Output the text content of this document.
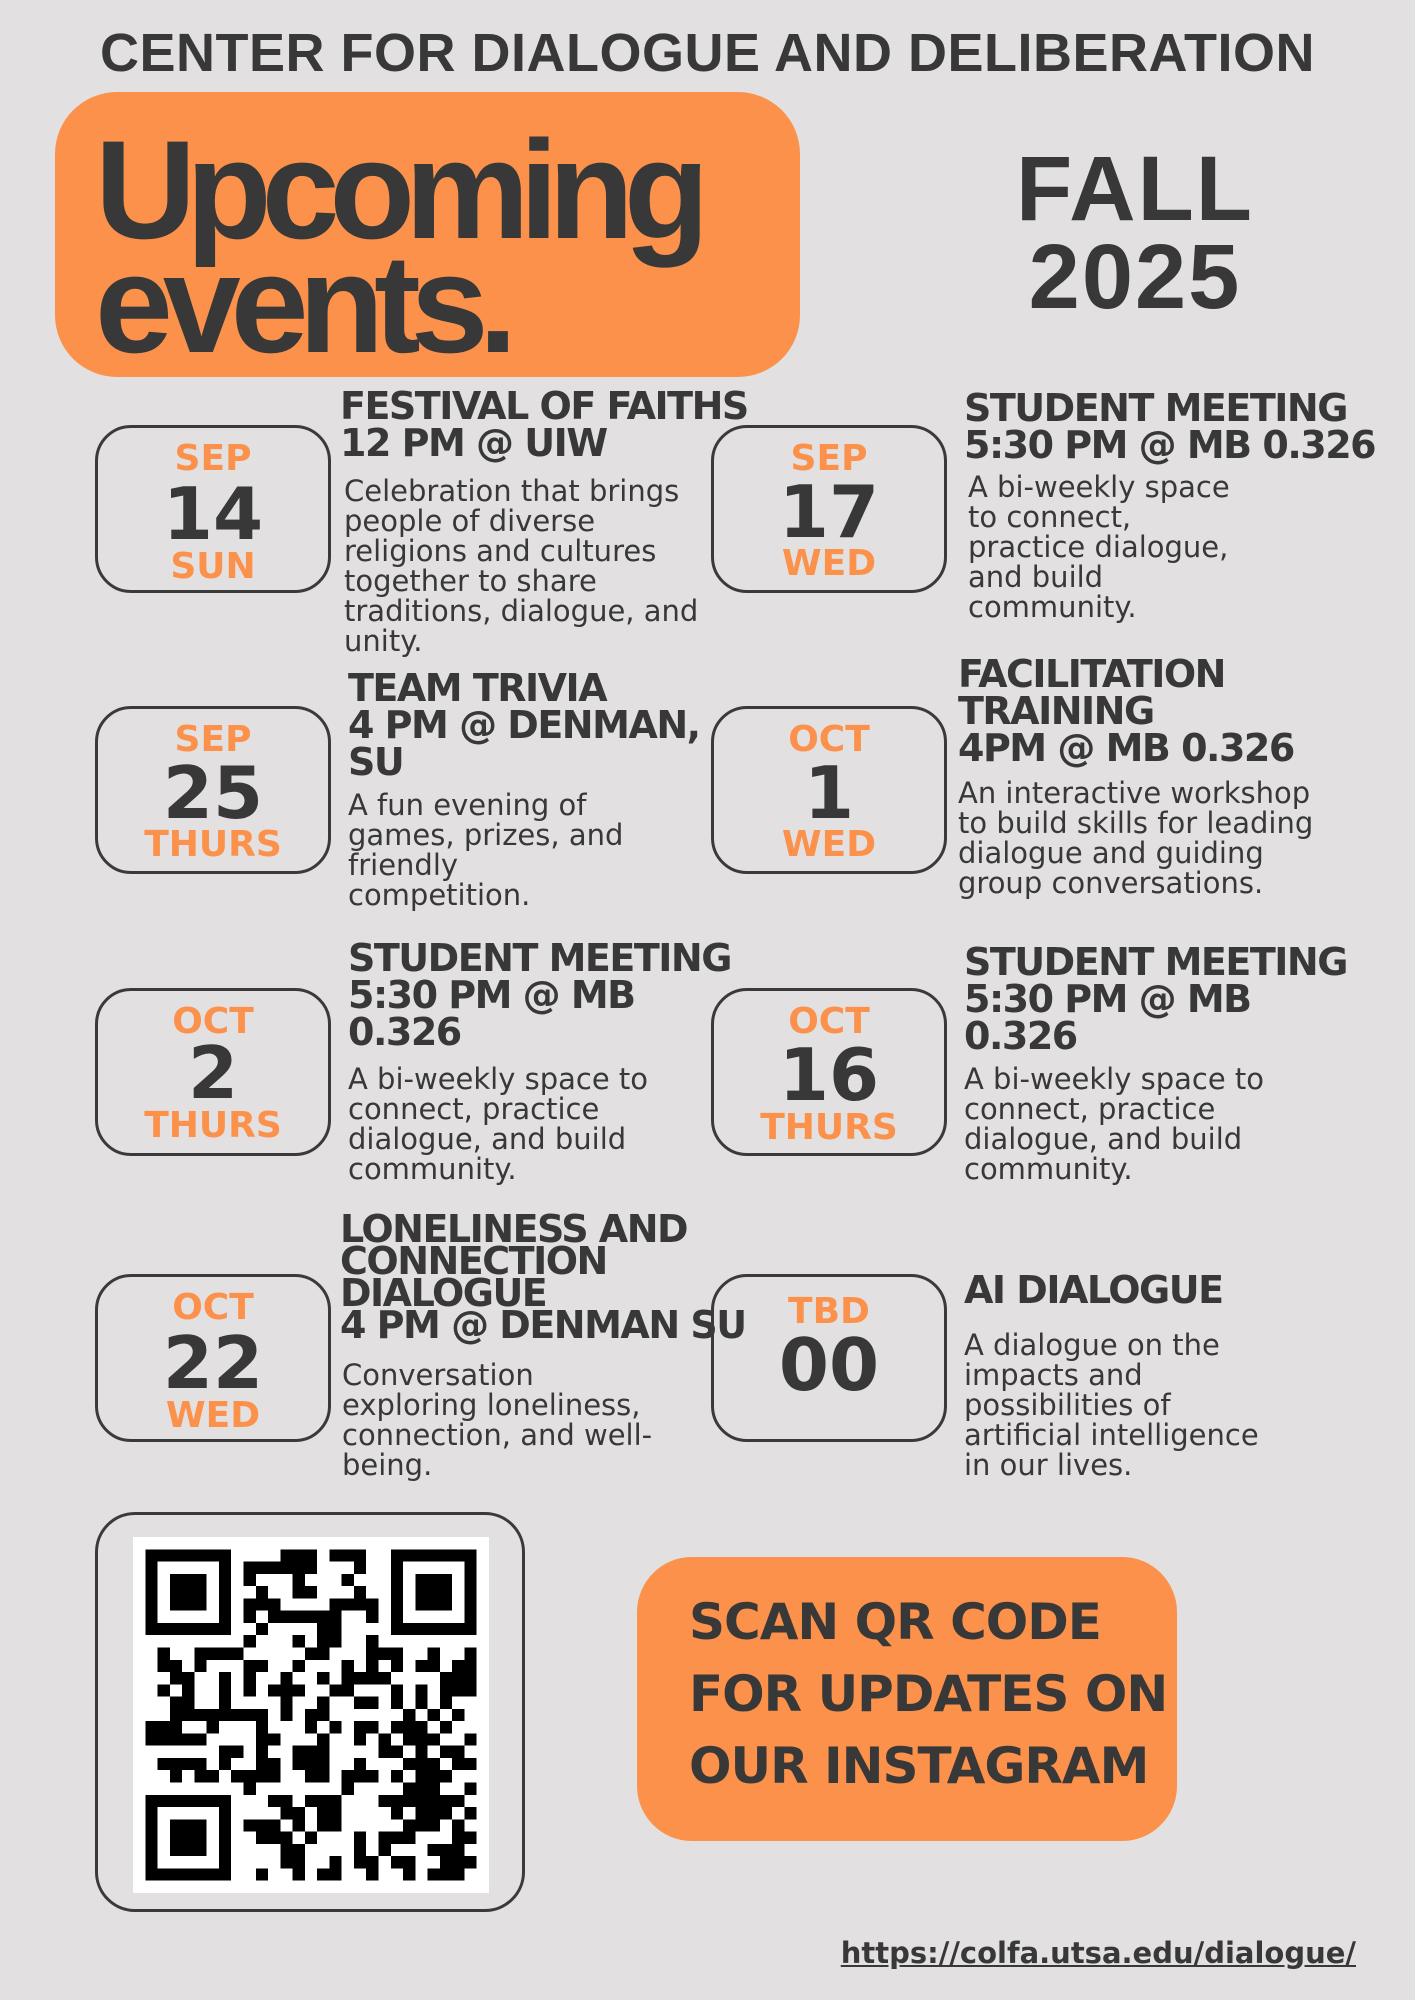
CENTER FOR DIALOGUE AND DELIBERATION
Upcoming
events.
FALL
2025
SEP
14
SUN
FESTIVAL OF FAITHS
12 PM @ UIW
Celebration that brings
people of diverse
religions and cultures
together to share
traditions, dialogue, and
unity.
SEP
17
WED
STUDENT MEETING
5:30 PM @ MB 0.326
A bi-weekly space
to connect,
practice dialogue,
and build
community.
SEP
25
THURS
TEAM TRIVIA
4 PM @ DENMAN,
SU
A fun evening of
games, prizes, and
friendly
competition.
OCT
1
WED
FACILITATION
TRAINING
4PM @ MB 0.326
An interactive workshop
to build skills for leading
dialogue and guiding
group conversations.
OCT
2
THURS
STUDENT MEETING
5:30 PM @ MB
0.326
A bi-weekly space to
connect, practice
dialogue, and build
community.
OCT
16
THURS
STUDENT MEETING
5:30 PM @ MB
0.326
A bi-weekly space to
connect, practice
dialogue, and build
community.
OCT
22
WED
LONELINESS AND
CONNECTION
DIALOGUE
4 PM @ DENMAN SU
Conversation
exploring loneliness,
connection, and well-
being.
TBD
00
AI DIALOGUE
A dialogue on the
impacts and
possibilities of
artificial intelligence
in our lives.
SCAN QR CODE
FOR UPDATES ON
OUR INSTAGRAM
https://colfa.utsa.edu/dialogue/
